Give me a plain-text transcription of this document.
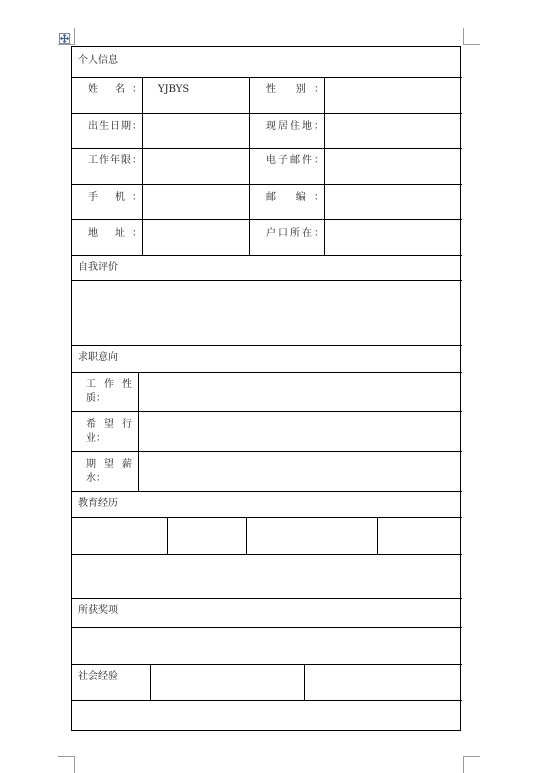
个人信息
自我评价
求职意向
教育经历
所获奖项
社会经验
姓 名：	YJBYS	性 别：
出生日期：	现居住地：
工作年限：	电子邮件：
手 机：	邮 编：
地 址：	户口所在：
工 作 性 质：
希 望 行 业：
期 望 薪 水：
